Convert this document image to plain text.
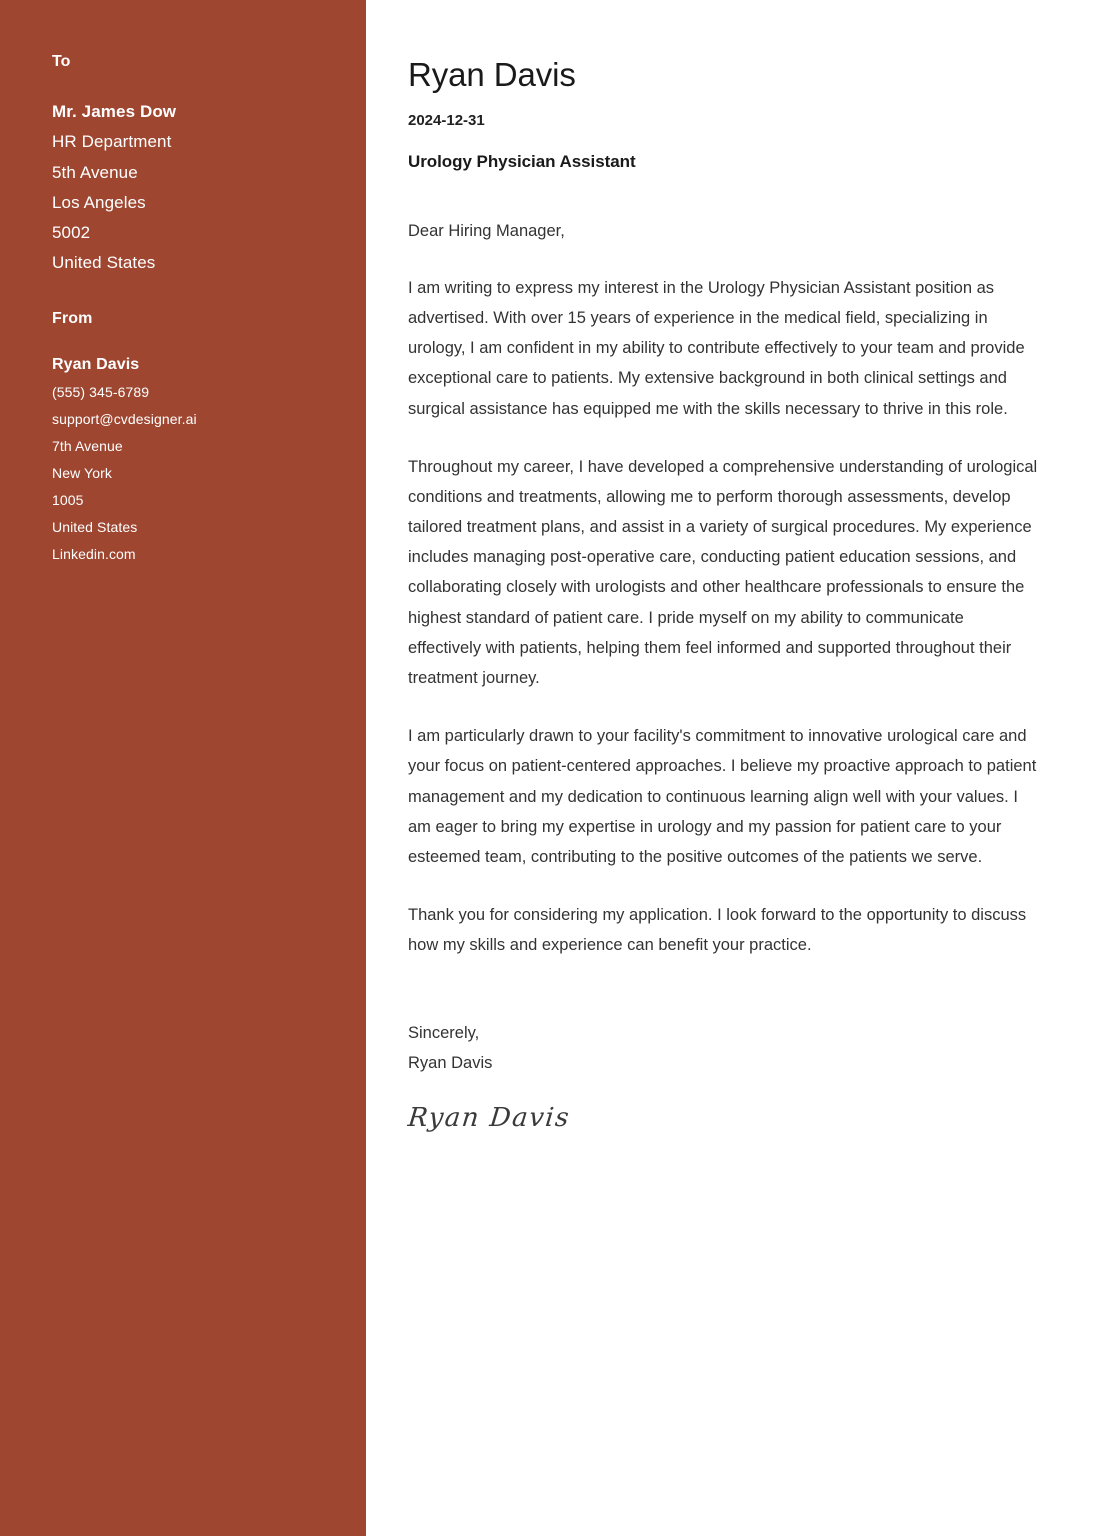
To
Mr. James Dow
HR Department
5th Avenue
Los Angeles
5002
United States
From
Ryan Davis
(555) 345-6789
support@cvdesigner.ai
7th Avenue
New York
1005
United States
Linkedin.com
Ryan Davis
2024-12-31
Urology Physician Assistant

Dear Hiring Manager,

I am writing to express my interest in the Urology Physician Assistant position as advertised. With over 15 years of experience in the medical field, specializing in urology, I am confident in my ability to contribute effectively to your team and provide exceptional care to patients. My extensive background in both clinical settings and surgical assistance has equipped me with the skills necessary to thrive in this role.

Throughout my career, I have developed a comprehensive understanding of urological conditions and treatments, allowing me to perform thorough assessments, develop tailored treatment plans, and assist in a variety of surgical procedures. My experience includes managing post-operative care, conducting patient education sessions, and collaborating closely with urologists and other healthcare professionals to ensure the highest standard of patient care. I pride myself on my ability to communicate effectively with patients, helping them feel informed and supported throughout their treatment journey.

I am particularly drawn to your facility's commitment to innovative urological care and your focus on patient-centered approaches. I believe my proactive approach to patient management and my dedication to continuous learning align well with your values. I am eager to bring my expertise in urology and my passion for patient care to your esteemed team, contributing to the positive outcomes of the patients we serve.

Thank you for considering my application. I look forward to the opportunity to discuss how my skills and experience can benefit your practice.

Sincerely,
Ryan Davis
Ryan Davis
